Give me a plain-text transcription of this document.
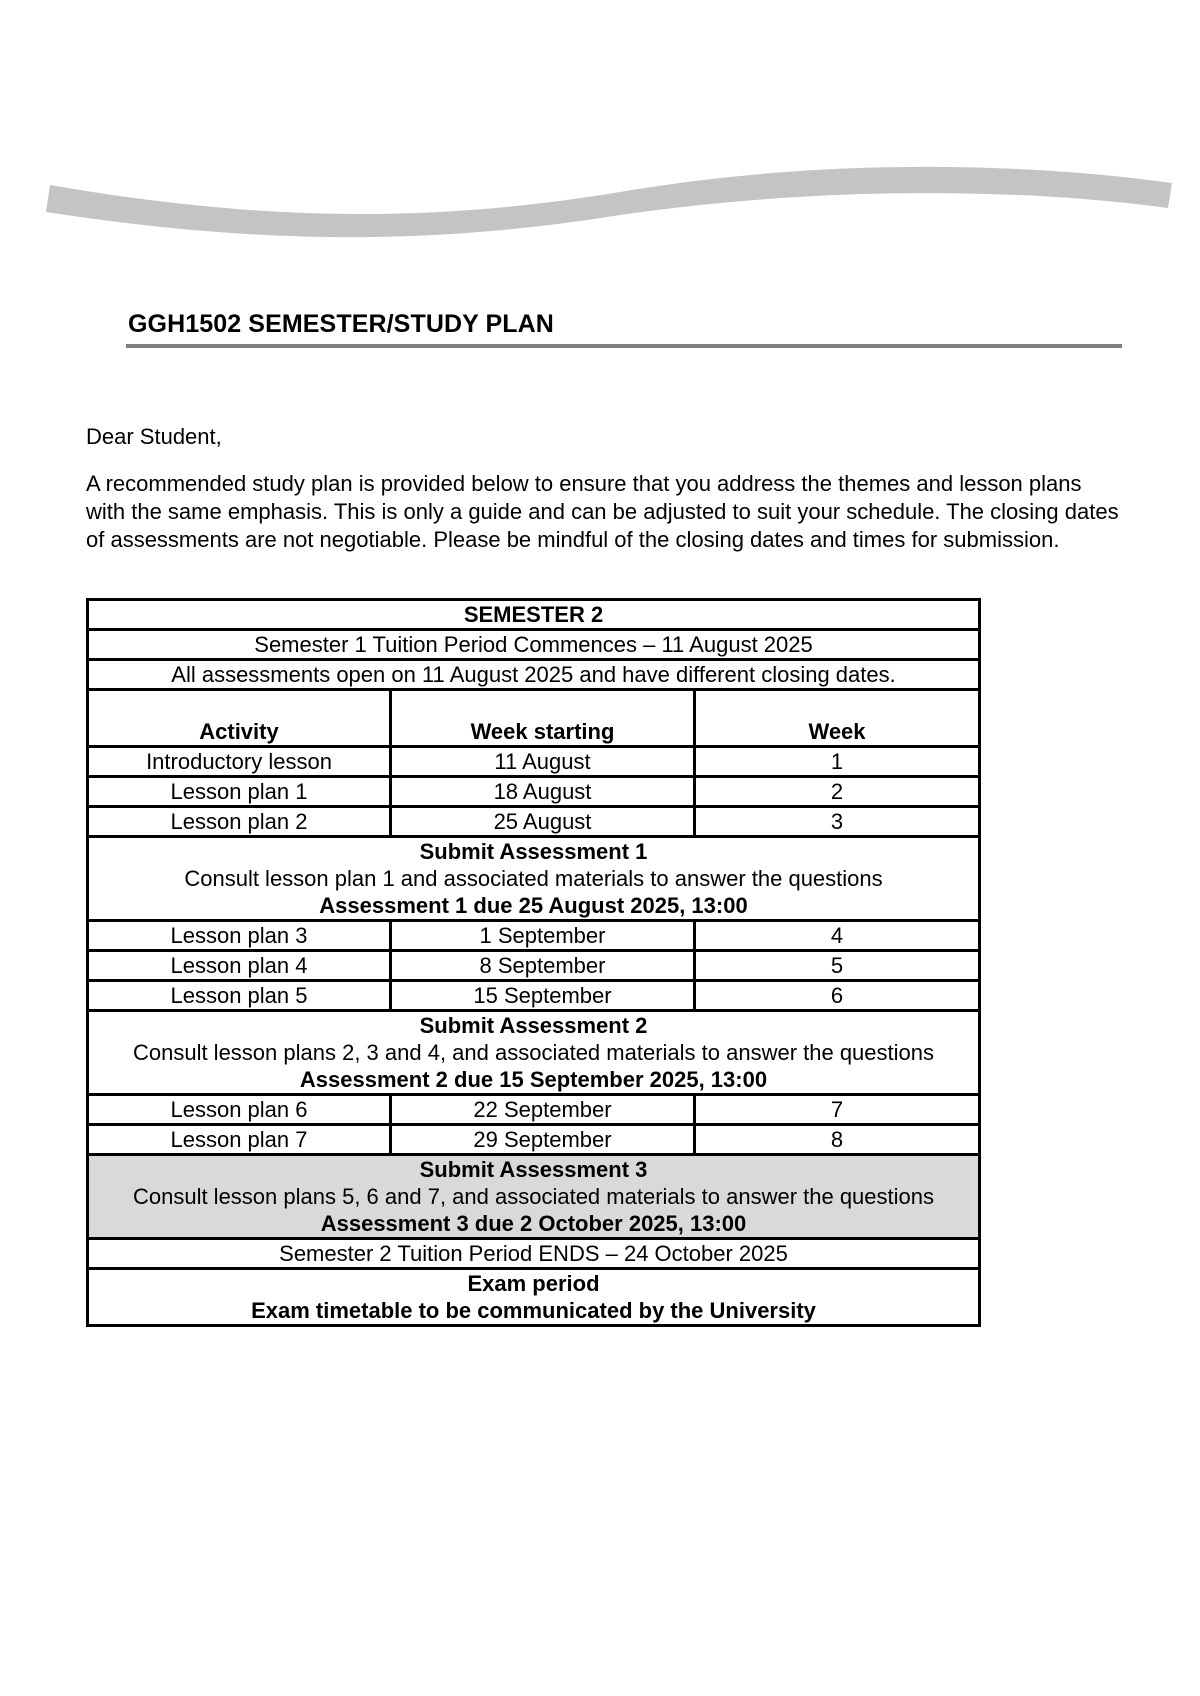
GGH1502 SEMESTER/STUDY PLAN
Dear Student,
A recommended study plan is provided below to ensure that you address the themes and lesson plans with the same emphasis. This is only a guide and can be adjusted to suit your schedule. The closing dates of assessments are not negotiable. Please be mindful of the closing dates and times for submission.
SEMESTER 2		
Semester 1 Tuition Period Commences – 11 August 2025		
All assessments open on 11 August 2025 and have different closing dates.		
Activity	Week starting	Week
Introductory lesson	11 August	1
Lesson plan 1	18 August	2
Lesson plan 2	25 August	3

Submit Assessment 1
Consult lesson plan 1 and associated materials to answer the questions
Assessment 1 due 25 August 2025, 13:00		

Lesson plan 3	1 September	4
Lesson plan 4	8 September	5
Lesson plan 5	15 September	6

Submit Assessment 2
Consult lesson plans 2, 3 and 4, and associated materials to answer the questions
Assessment 2 due 15 September 2025, 13:00		

Lesson plan 6	22 September	7
Lesson plan 7	29 September	8

Submit Assessment 3
Consult lesson plans 5, 6 and 7, and associated materials to answer the questions
Assessment 3 due 2 October 2025, 13:00		

Semester 2 Tuition Period ENDS – 24 October 2025		

Exam period
Exam timetable to be communicated by the University		
